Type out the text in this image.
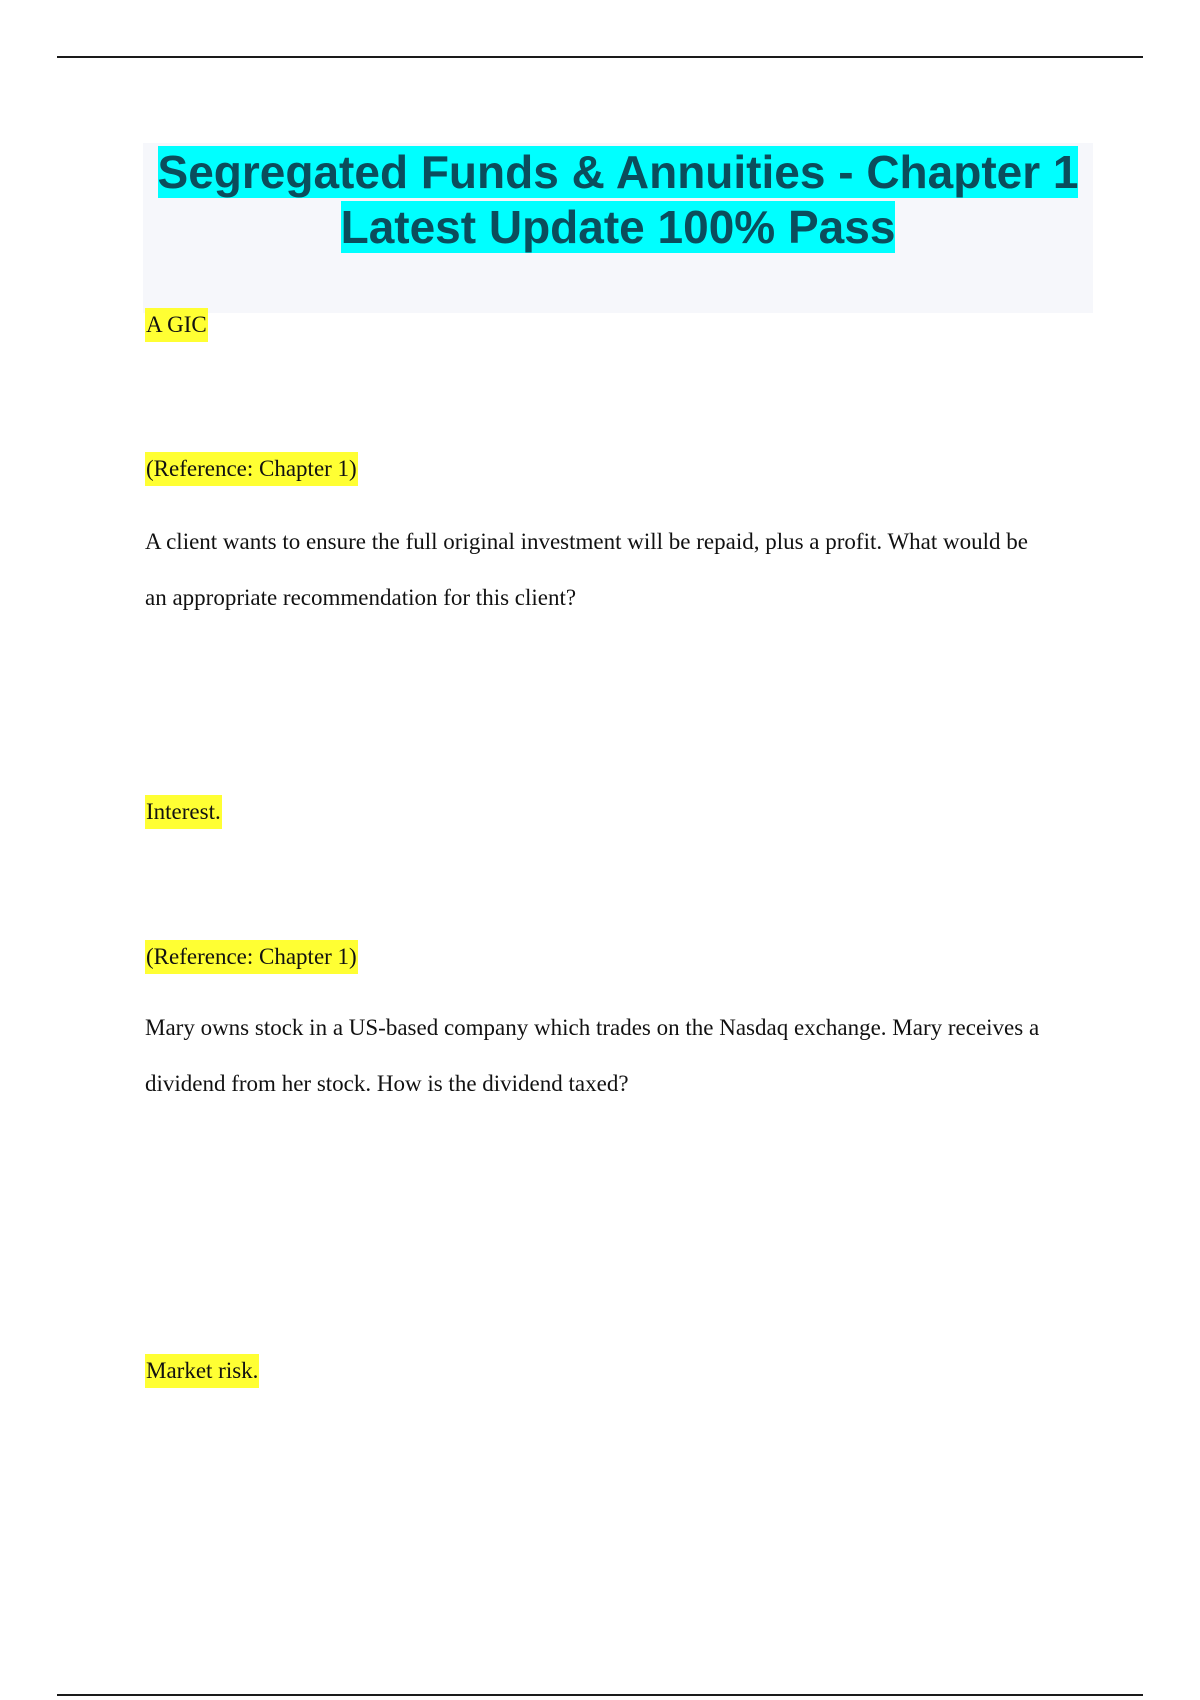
Segregated Funds & Annuities - Chapter 1 Latest Update 100% Pass
A GIC
(Reference: Chapter 1)
A client wants to ensure the full original investment will be repaid, plus a profit. What would be
an appropriate recommendation for this client?
Interest.
(Reference: Chapter 1)
Mary owns stock in a US-based company which trades on the Nasdaq exchange. Mary receives a
dividend from her stock. How is the dividend taxed?
Market risk.
